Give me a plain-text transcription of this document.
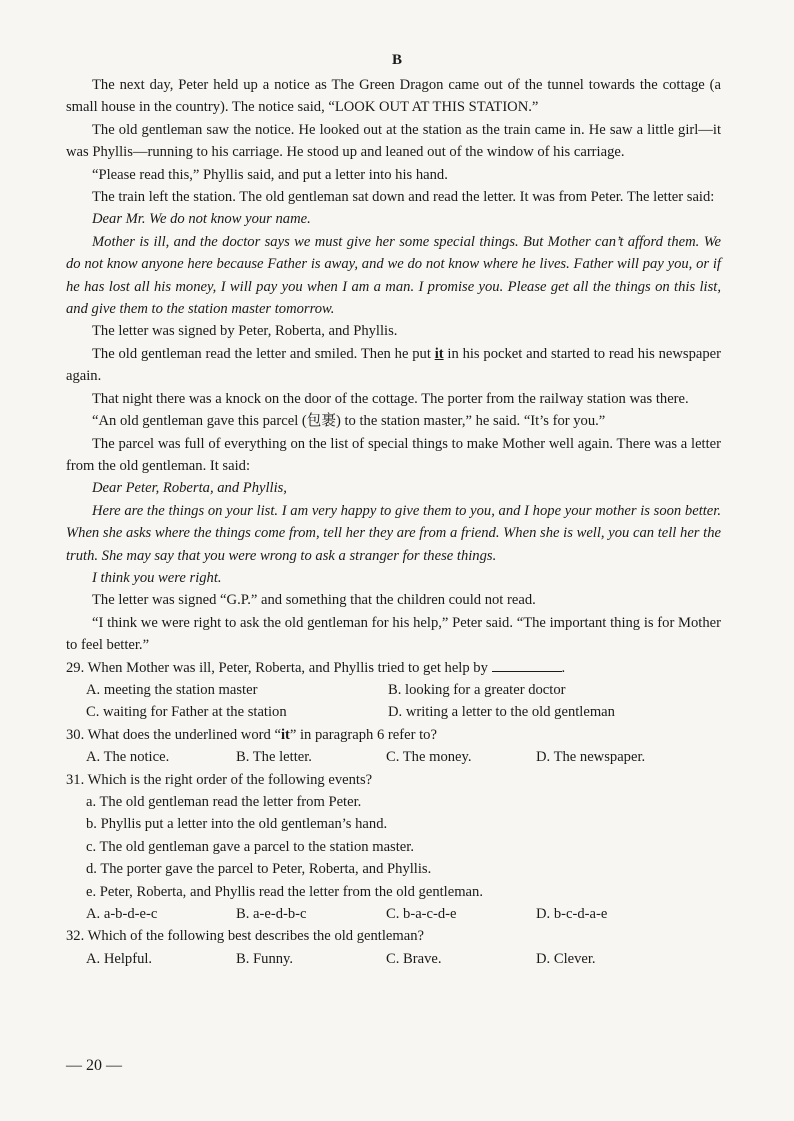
B

The next day, Peter held up a notice as The Green Dragon came out of the tunnel towards the cottage (a small house in the country). The notice said, “LOOK OUT AT THIS STATION.”

The old gentleman saw the notice. He looked out at the station as the train came in. He saw a little girl—it was Phyllis—running to his carriage. He stood up and leaned out of the window of his carriage.

“Please read this,” Phyllis said, and put a letter into his hand.

The train left the station. The old gentleman sat down and read the letter. It was from Peter. The letter said:

Dear Mr. We do not know your name.

Mother is ill, and the doctor says we must give her some special things. But Mother can’t afford them. We do not know anyone here because Father is away, and we do not know where he lives. Father will pay you, or if he has lost all his money, I will pay you when I am a man. I promise you. Please get all the things on this list, and give them to the station master tomorrow.

The letter was signed by Peter, Roberta, and Phyllis.

The old gentleman read the letter and smiled. Then he put it in his pocket and started to read his newspaper again.

That night there was a knock on the door of the cottage. The porter from the railway station was there.

“An old gentleman gave this parcel (包裹) to the station master,” he said. “It’s for you.”

The parcel was full of everything on the list of special things to make Mother well again. There was a letter from the old gentleman. It said:

Dear Peter, Roberta, and Phyllis,

Here are the things on your list. I am very happy to give them to you, and I hope your mother is soon better. When she asks where the things come from, tell her they are from a friend. When she is well, you can tell her the truth. She may say that you were wrong to ask a stranger for these things.

I think you were right.

The letter was signed “G.P.” and something that the children could not read.

“I think we were right to ask the old gentleman for his help,” Peter said. “The important thing is for Mother to feel better.”

29. When Mother was ill, Peter, Roberta, and Phyllis tried to get help by	.

A. meeting the station master	B. looking for a greater doctor
C. waiting for Father at the station	D. writing a letter to the old gentleman

30. What does the underlined word “it” in paragraph 6 refer to?

A. The notice.	B. The letter.	C. The money.	D. The newspaper.

31. Which is the right order of the following events?

a. The old gentleman read the letter from Peter.

b. Phyllis put a letter into the old gentleman’s hand.

c. The old gentleman gave a parcel to the station master.

d. The porter gave the parcel to Peter, Roberta, and Phyllis.

e. Peter, Roberta, and Phyllis read the letter from the old gentleman.

A. a-b-d-e-c	B. a-e-d-b-c	C. b-a-c-d-e	D. b-c-d-a-e

32. Which of the following best describes the old gentleman?

A. Helpful.	B. Funny.	C. Brave.	D. Clever.
— 20 —
